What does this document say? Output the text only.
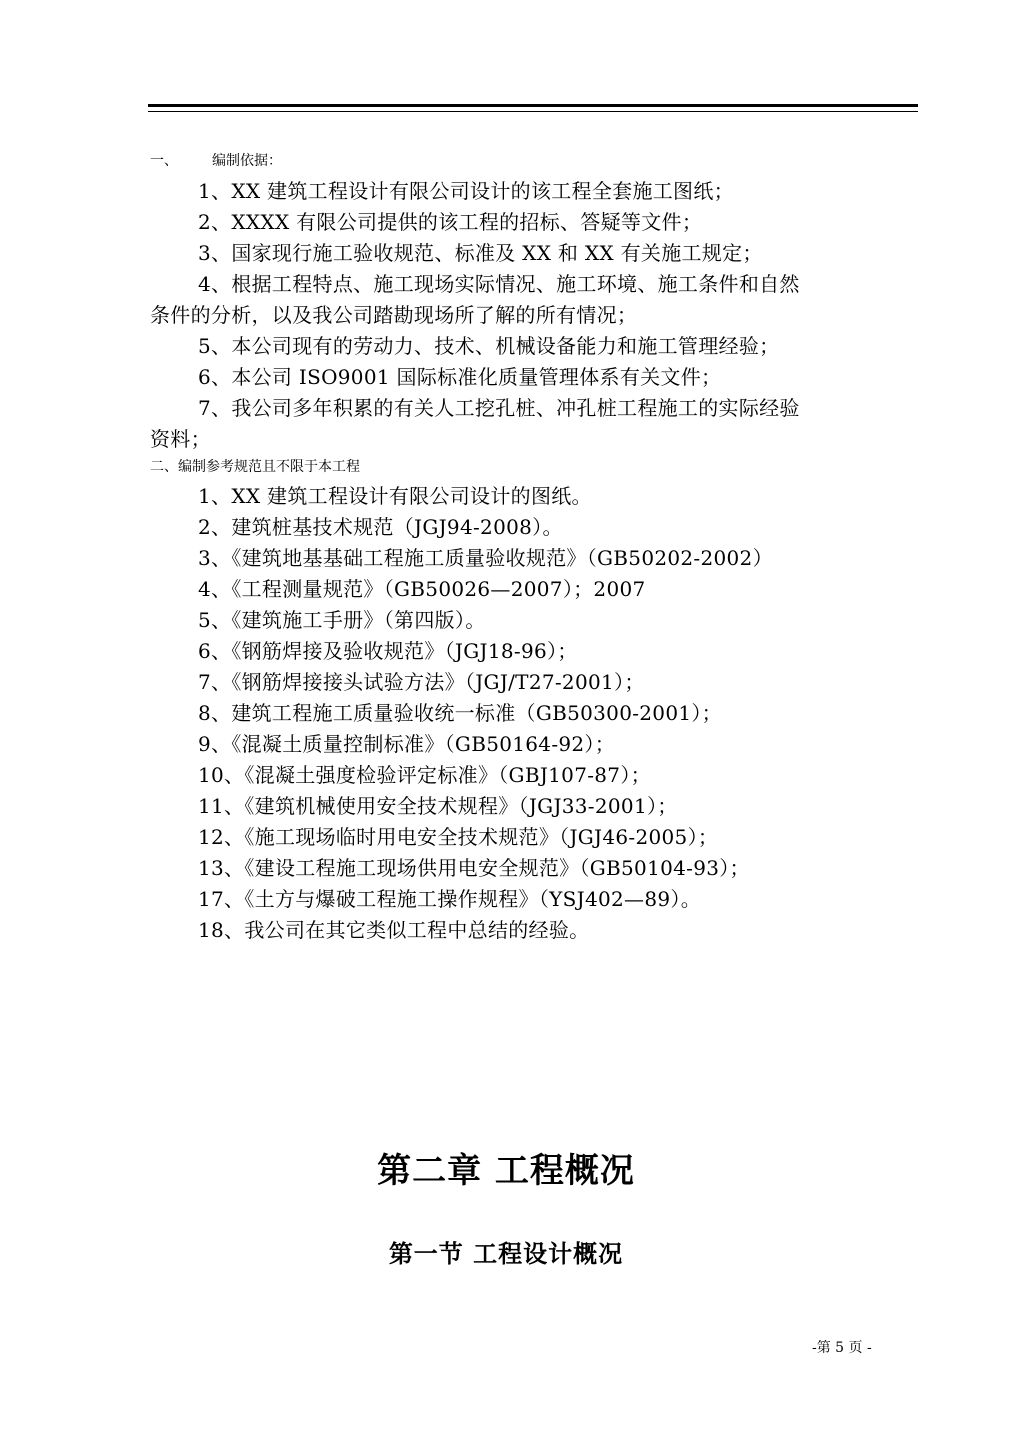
一、 编制依据：
1、XX 建筑工程设计有限公司设计的该工程全套施工图纸；
2、XXXX 有限公司提供的该工程的招标、答疑等文件；
3、国家现行施工验收规范、标准及 XX 和 XX 有关施工规定；
4、根据工程特点、施工现场实际情况、施工环境、施工条件和自然
条件的分析，以及我公司踏勘现场所了解的所有情况；
5、本公司现有的劳动力、技术、机械设备能力和施工管理经验；
6、本公司 ISO9001 国际标准化质量管理体系有关文件；
7、我公司多年积累的有关人工挖孔桩、冲孔桩工程施工的实际经验
资料；
二、编制参考规范且不限于本工程
1、XX 建筑工程设计有限公司设计的图纸。
2、建筑桩基技术规范（JGJ94-2008）。
3、《建筑地基基础工程施工质量验收规范》（GB50202-2002）
4、《工程测量规范》（GB50026—2007）；2007
5、《建筑施工手册》（第四版）。
6、《钢筋焊接及验收规范》（JGJ18-96）；
7、《钢筋焊接接头试验方法》（JGJ/T27-2001）；
8、建筑工程施工质量验收统一标准（GB50300-2001）；
9、《混凝土质量控制标准》（GB50164-92）；
10、《混凝土强度检验评定标准》（GBJ107-87）；
11、《建筑机械使用安全技术规程》（JGJ33-2001）；
12、《施工现场临时用电安全技术规范》（JGJ46-2005）；
13、《建设工程施工现场供用电安全规范》（GB50104-93）；
17、《土方与爆破工程施工操作规程》（YSJ402—89）。
18、我公司在其它类似工程中总结的经验。
第二章 工程概况
第一节 工程设计概况
-第 5 页 -
